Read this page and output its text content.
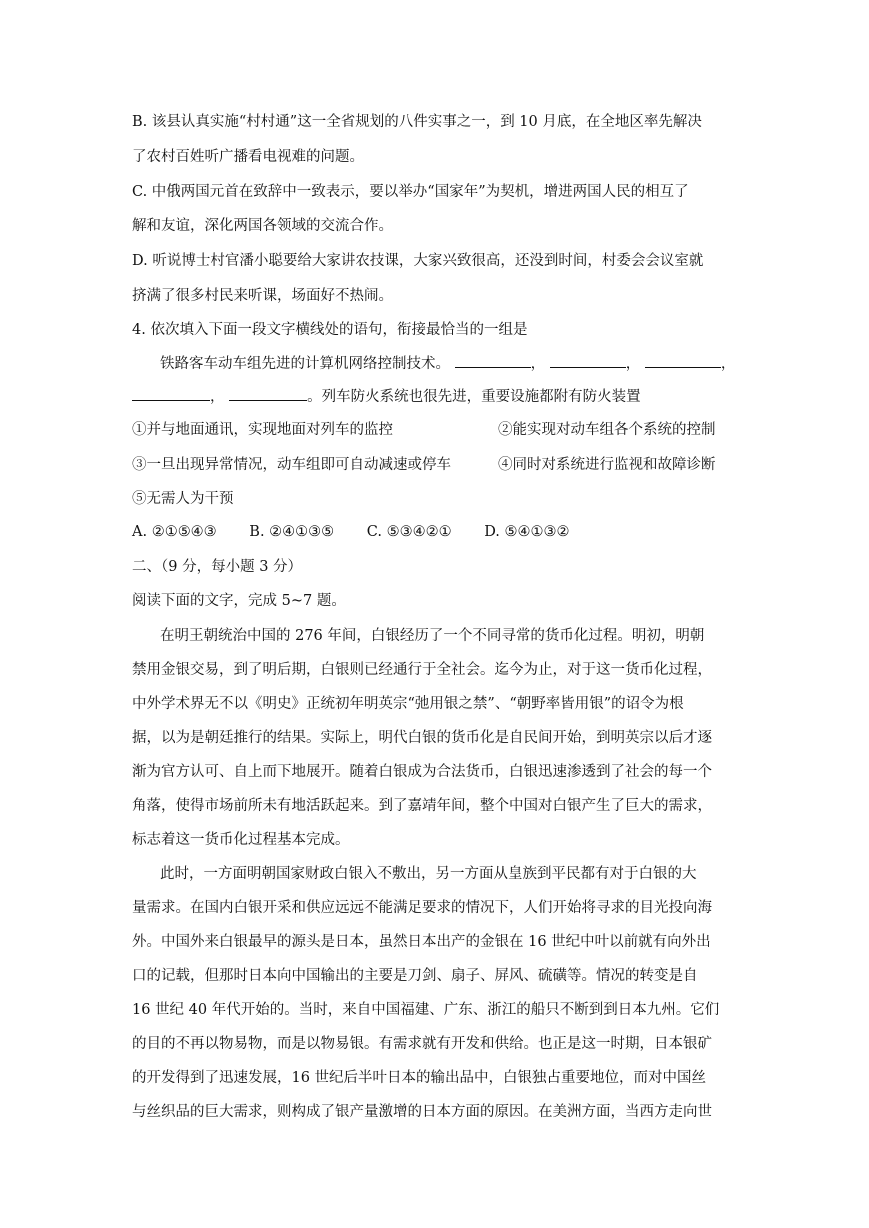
B. 该县认真实施“村村通”这一全省规划的八件实事之一，到 10 月底，在全地区率先解决
了农村百姓听广播看电视难的问题。
C. 中俄两国元首在致辞中一致表示，要以举办“国家年”为契机，增进两国人民的相互了
解和友谊，深化两国各领域的交流合作。
D. 听说博士村官潘小聪要给大家讲农技课，大家兴致很高，还没到时间，村委会会议室就
挤满了很多村民来听课，场面好不热闹。
4. 依次填入下面一段文字横线处的语句，衔接最恰当的一组是
铁路客车动车组先进的计算机网络控制技术。	，	，	，
，	。列车防火系统也很先进，重要设施都附有防火装置
①并与地面通讯，实现地面对列车的监控	②能实现对动车组各个系统的控制
③一旦出现异常情况，动车组即可自动减速或停车	④同时对系统进行监视和故障诊断
⑤无需人为干预
A. ②①⑤④③ B. ②④①③⑤ C. ⑤③④②① D. ⑤④①③②
二、（9 分，每小题 3 分）
阅读下面的文字，完成 5~7 题。
在明王朝统治中国的 276 年间，白银经历了一个不同寻常的货币化过程。明初，明朝
禁用金银交易，到了明后期，白银则已经通行于全社会。迄今为止，对于这一货币化过程，
中外学术界无不以《明史》正统初年明英宗“弛用银之禁”、“朝野率皆用银”的诏令为根
据，以为是朝廷推行的结果。实际上，明代白银的货币化是自民间开始，到明英宗以后才逐
渐为官方认可、自上而下地展开。随着白银成为合法货币，白银迅速渗透到了社会的每一个
角落，使得市场前所未有地活跃起来。到了嘉靖年间，整个中国对白银产生了巨大的需求，
标志着这一货币化过程基本完成。
此时，一方面明朝国家财政白银入不敷出，另一方面从皇族到平民都有对于白银的大
量需求。在国内白银开采和供应远远不能满足要求的情况下，人们开始将寻求的目光投向海
外。中国外来白银最早的源头是日本，虽然日本出产的金银在 16 世纪中叶以前就有向外出
口的记载，但那时日本向中国输出的主要是刀剑、扇子、屏风、硫磺等。情况的转变是自
16 世纪 40 年代开始的。当时，来自中国福建、广东、浙江的船只不断到到日本九州。它们
的目的不再以物易物，而是以物易银。有需求就有开发和供给。也正是这一时期，日本银矿
的开发得到了迅速发展，16 世纪后半叶日本的输出品中，白银独占重要地位，而对中国丝
与丝织品的巨大需求，则构成了银产量激增的日本方面的原因。在美洲方面，当西方走向世
